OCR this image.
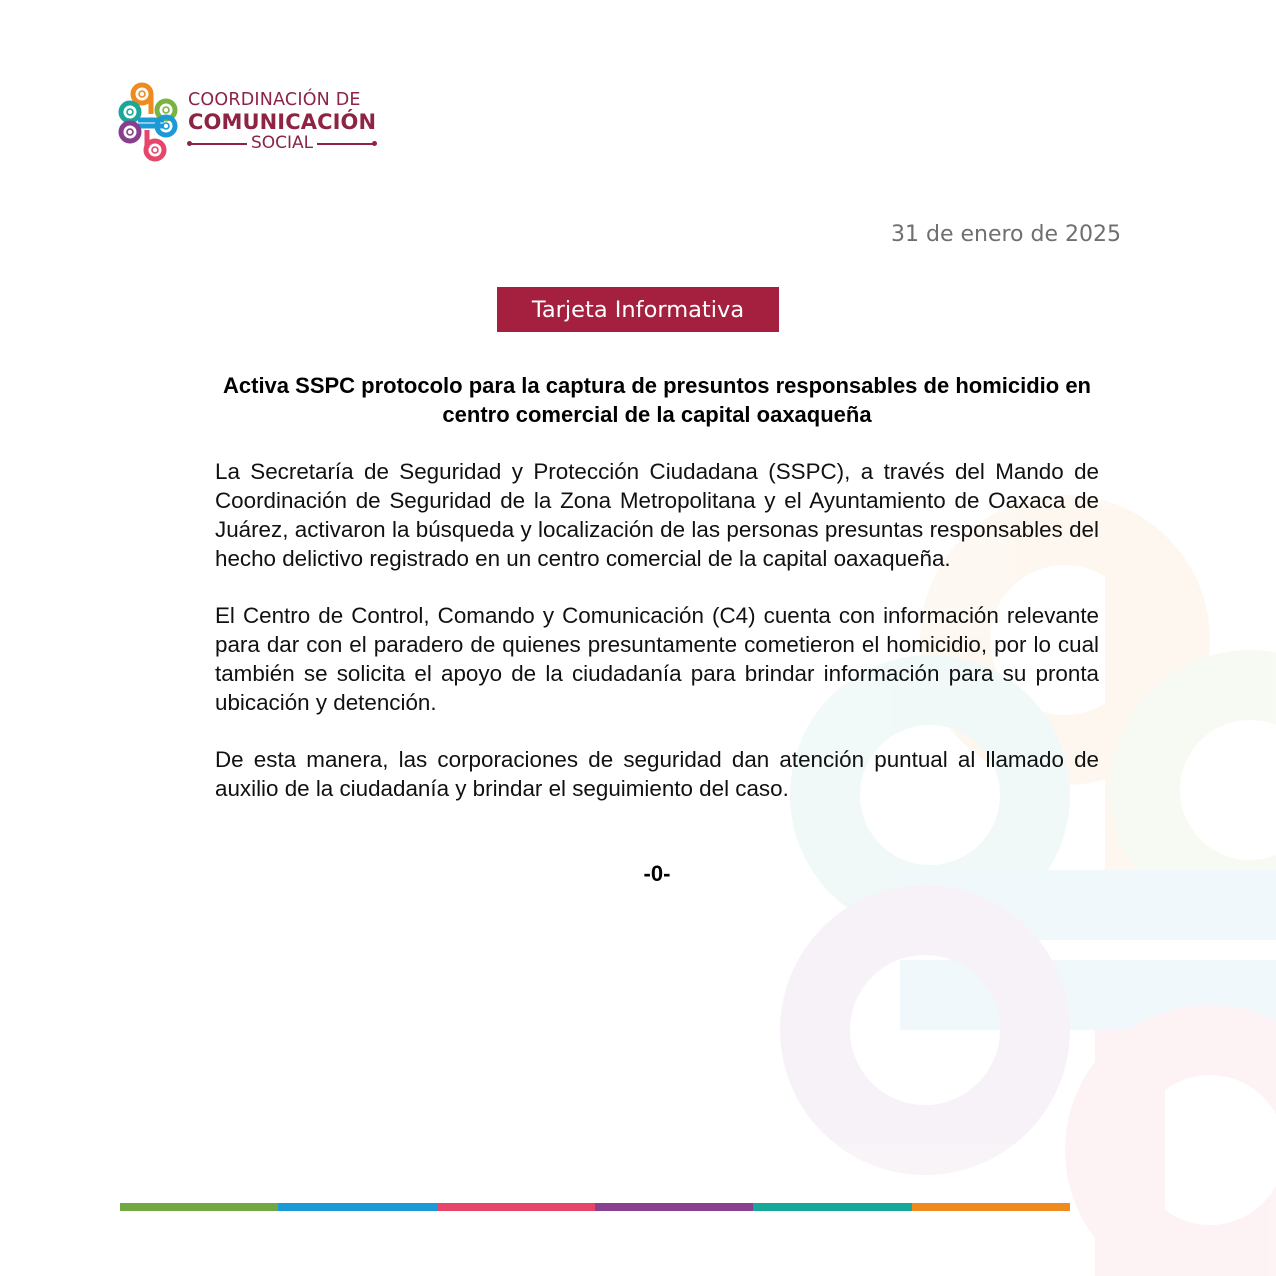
COORDINACIÓN DE
COMUNICACIÓN
SOCIAL
31 de enero de 2025
Tarjeta Informativa
Activa SSPC protocolo para la captura de presuntos responsables de homicidio en centro comercial de la capital oaxaqueña

La Secretaría de Seguridad y Protección Ciudadana (SSPC), a través del Mando de Coordinación de Seguridad de la Zona Metropolitana y el Ayuntamiento de Oaxaca de Juárez, activaron la búsqueda y localización de las personas presuntas responsables del hecho delictivo registrado en un centro comercial de la capital oaxaqueña.

El Centro de Control, Comando y Comunicación (C4) cuenta con información relevante para dar con el paradero de quienes presuntamente cometieron el homicidio, por lo cual también se solicita el apoyo de la ciudadanía para brindar información para su pronta ubicación y detención.

De esta manera, las corporaciones de seguridad dan atención puntual al llamado de auxilio de la ciudadanía y brindar el seguimiento del caso.

-0-
